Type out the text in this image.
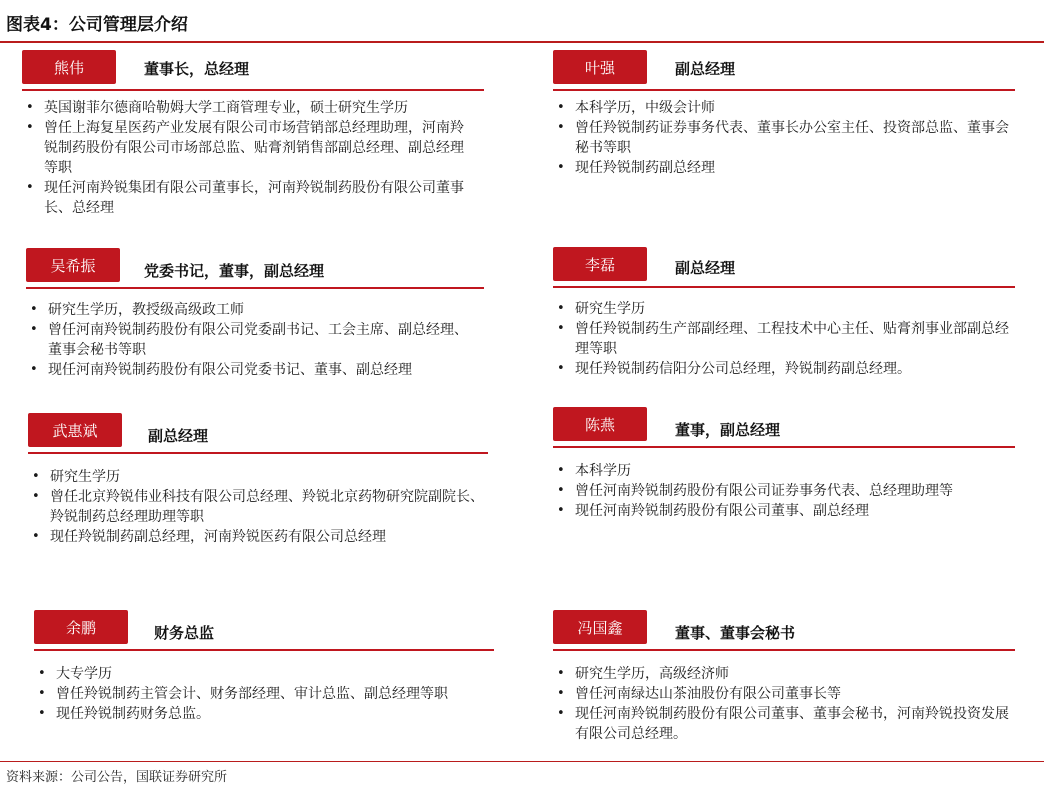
图表4：公司管理层介绍
熊伟	董事长，总经理
• 英国谢菲尔德商哈勒姆大学工商管理专业，硕士研究生学历
• 曾任上海复星医药产业发展有限公司市场营销部总经理助理，河南羚锐制药股份有限公司市场部总监、贴膏剂销售部副总经理、副总经理等职
• 现任河南羚锐集团有限公司董事长，河南羚锐制药股份有限公司董事长、总经理
吴希振	党委书记，董事，副总经理
• 研究生学历，教授级高级政工师
• 曾任河南羚锐制药股份有限公司党委副书记、工会主席、副总经理、董事会秘书等职
• 现任河南羚锐制药股份有限公司党委书记、董事、副总经理
武惠斌	副总经理
• 研究生学历
• 曾任北京羚锐伟业科技有限公司总经理、羚锐北京药物研究院副院长、羚锐制药总经理助理等职
• 现任羚锐制药副总经理，河南羚锐医药有限公司总经理
余鹏	财务总监
• 大专学历
• 曾任羚锐制药主管会计、财务部经理、审计总监、副总经理等职
• 现任羚锐制药财务总监。
叶强	副总经理
• 本科学历，中级会计师
• 曾任羚锐制药证券事务代表、董事长办公室主任、投资部总监、董事会秘书等职
• 现任羚锐制药副总经理
李磊	副总经理
• 研究生学历
• 曾任羚锐制药生产部副经理、工程技术中心主任、贴膏剂事业部副总经理等职
• 现任羚锐制药信阳分公司总经理，羚锐制药副总经理。
陈燕	董事，副总经理
• 本科学历
• 曾任河南羚锐制药股份有限公司证券事务代表、总经理助理等
• 现任河南羚锐制药股份有限公司董事、副总经理
冯国鑫	董事、董事会秘书
• 研究生学历，高级经济师
• 曾任河南绿达山茶油股份有限公司董事长等
• 现任河南羚锐制药股份有限公司董事、董事会秘书，河南羚锐投资发展有限公司总经理。
资料来源：公司公告，国联证券研究所
